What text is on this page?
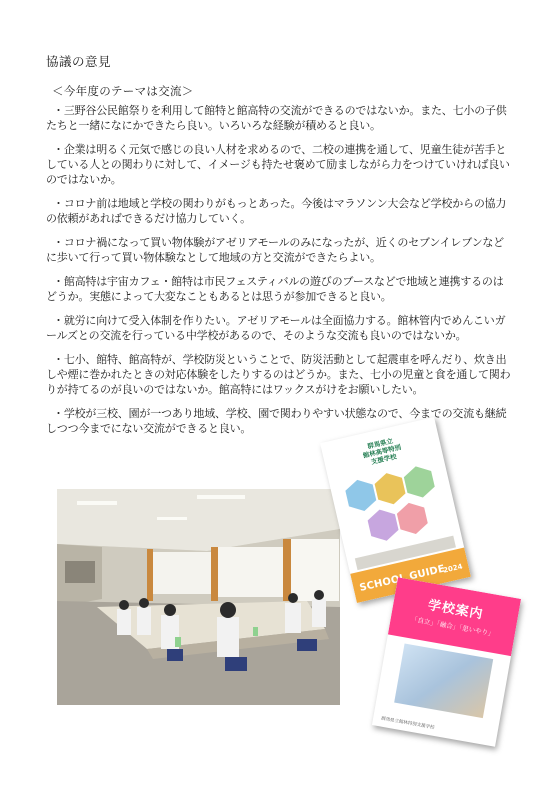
協議の意見
＜今年度のテーマは交流＞
・三野谷公民館祭りを利用して館特と館高特の交流ができるのではないか。また、七小の子供たちと一緒になにかできたら良い。いろいろな経験が積めると良い。
・企業は明るく元気で感じの良い人材を求めるので、二校の連携を通して、児童生徒が苦手としている人との関わりに対して、イメージも持たせ褒めて励ましながら力をつけていければ良いのではないか。
・コロナ前は地域と学校の関わりがもっとあった。今後はマラソンン大会など学校からの協力の依頼があればできるだけ協力していく。
・コロナ禍になって買い物体験がアゼリアモールのみになったが、近くのセブンイレブンなどに歩いて行って買い物体験なとして地域の方と交流ができたらよい。
・館高特は宇宙カフェ・館特は市民フェスティバルの遊びのブースなどで地域と連携するのはどうか。実態によって大変なこともあるとは思うが参加できると良い。
・就労に向けて受入体制を作りたい。アゼリアモールは全面協力する。館林管内でめんこいガールズとの交流を行っている中学校があるので、そのような交流も良いのではないか。
・七小、館特、館高特が、学校防災ということで、防災活動として起震車を呼んだり、炊き出しや煙に巻かれたときの対応体験をしたりするのはどうか。また、七小の児童と食を通して関わりが持てるのが良いのではないか。館高特にはワックスがけをお願いしたい。
・学校が三校、園が一つあり地域、学校、園で関わりやすい状態なので、今までの交流も継続しつつ今までにない交流ができると良い。
群馬県立
館林高等特別
支援学校
SCHOOL GUIDE
2024
学校案内
「自立」「融合」「思いやり」
群馬県立館林特別支援学校
